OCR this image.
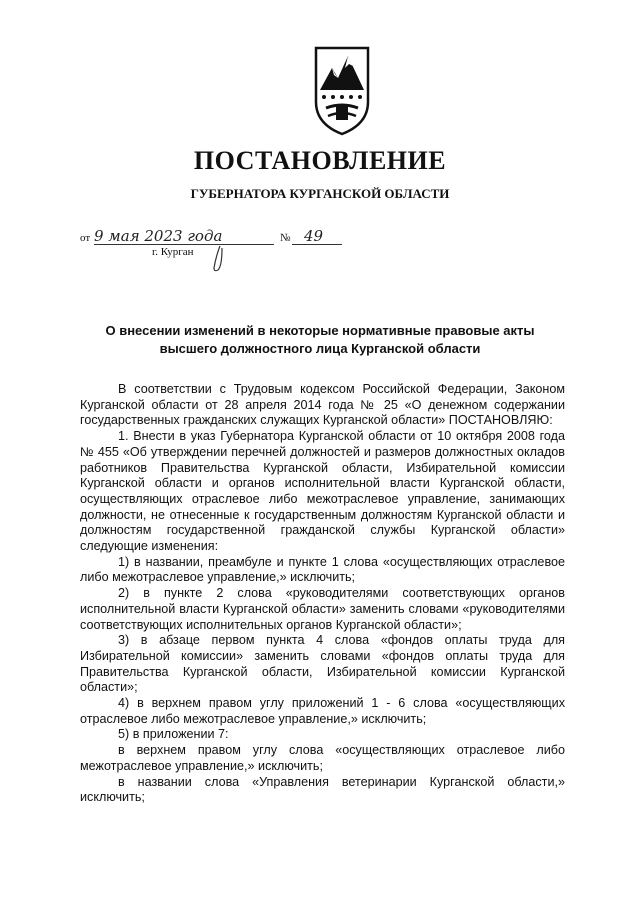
ПОСТАНОВЛЕНИЕ
ГУБЕРНАТОРА КУРГАНСКОЙ ОБЛАСТИ
от 9 мая 2023 года	№ 49
г. Курган
О внесении изменений в некоторые нормативные правовые акты
высшего должностного лица Курганской области

В соответствии с Трудовым кодексом Российской Федерации, Законом Курганской области от 28 апреля 2014 года № 25 «О денежном содержании государственных гражданских служащих Курганской области» ПОСТАНОВЛЯЮ:

1. Внести в указ Губернатора Курганской области от 10 октября 2008 года № 455 «Об утверждении перечней должностей и размеров должностных окладов работников Правительства Курганской области, Избирательной комиссии Курганской области и органов исполнительной власти Курганской области, осуществляющих отраслевое либо межотраслевое управление, занимающих должности, не отнесенные к государственным должностям Курганской области и должностям государственной гражданской службы Курганской области» следующие изменения:

1) в названии, преамбуле и пункте 1 слова «осуществляющих отраслевое либо межотраслевое управление,» исключить;

2) в пункте 2 слова «руководителями соответствующих органов исполнительной власти Курганской области» заменить словами «руководителями соответствующих исполнительных органов Курганской области»;

3) в абзаце первом пункта 4 слова «фондов оплаты труда для Избирательной комиссии» заменить словами «фондов оплаты труда для Правительства Курганской области, Избирательной комиссии Курганской области»;

4) в верхнем правом углу приложений 1 - 6 слова «осуществляющих отраслевое либо межотраслевое управление,» исключить;

5) в приложении 7:

в верхнем правом углу слова «осуществляющих отраслевое либо межотраслевое управление,» исключить;

в названии слова «Управления ветеринарии Курганской области,» исключить;
